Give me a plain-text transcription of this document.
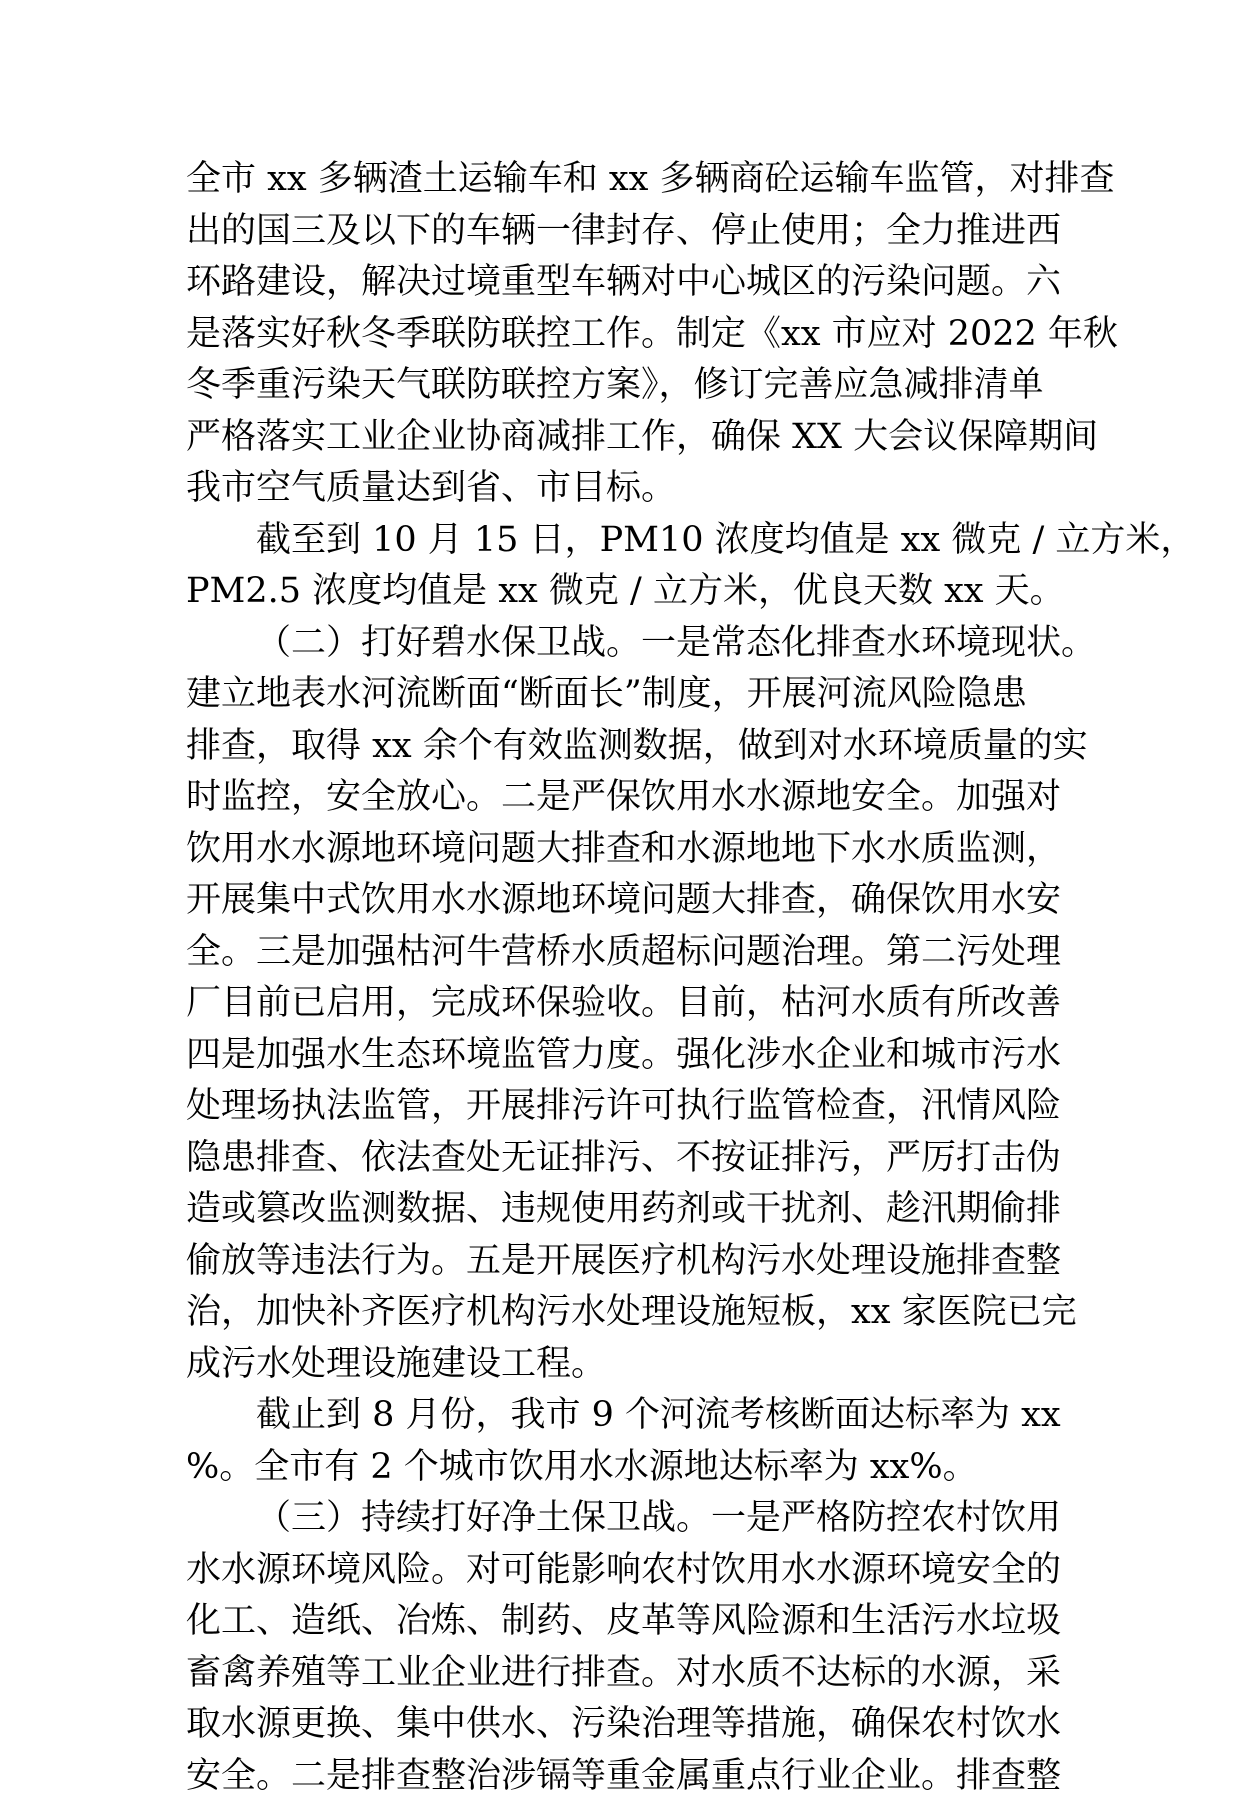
全市 xx 多辆渣土运输车和 xx 多辆商砼运输车监管，对排查
出的国三及以下的车辆一律封存、停止使用；全力推进西
环路建设，解决过境重型车辆对中心城区的污染问题。六
是落实好秋冬季联防联控工作。制定《xx 市应对 2022 年秋
冬季重污染天气联防联控方案》，修订完善应急减排清单
严格落实工业企业协商减排工作，确保 XX 大会议保障期间
我市空气质量达到省、市目标。
截至到 10 月 15 日，PM10 浓度均值是 xx 微克 / 立方米，
PM2.5 浓度均值是 xx 微克 / 立方米，优良天数 xx 天。
（二）打好碧水保卫战。一是常态化排查水环境现状。
建立地表水河流断面“断面长”制度，开展河流风险隐患
排查，取得 xx 余个有效监测数据，做到对水环境质量的实
时监控，安全放心。二是严保饮用水水源地安全。加强对
饮用水水源地环境问题大排查和水源地地下水水质监测，
开展集中式饮用水水源地环境问题大排查，确保饮用水安
全。三是加强枯河牛营桥水质超标问题治理。第二污处理
厂目前已启用，完成环保验收。目前，枯河水质有所改善
四是加强水生态环境监管力度。强化涉水企业和城市污水
处理场执法监管，开展排污许可执行监管检查，汛情风险
隐患排查、依法查处无证排污、不按证排污，严厉打击伪
造或篡改监测数据、违规使用药剂或干扰剂、趁汛期偷排
偷放等违法行为。五是开展医疗机构污水处理设施排查整
治，加快补齐医疗机构污水处理设施短板，xx 家医院已完
成污水处理设施建设工程。
截止到 8 月份，我市 9 个河流考核断面达标率为 xx
%。全市有 2 个城市饮用水水源地达标率为 xx%。
（三）持续打好净土保卫战。一是严格防控农村饮用
水水源环境风险。对可能影响农村饮用水水源环境安全的
化工、造纸、冶炼、制药、皮革等风险源和生活污水垃圾
畜禽养殖等工业企业进行排查。对水质不达标的水源，采
取水源更换、集中供水、污染治理等措施，确保农村饮水
安全。二是排查整治涉镉等重金属重点行业企业。排查整
